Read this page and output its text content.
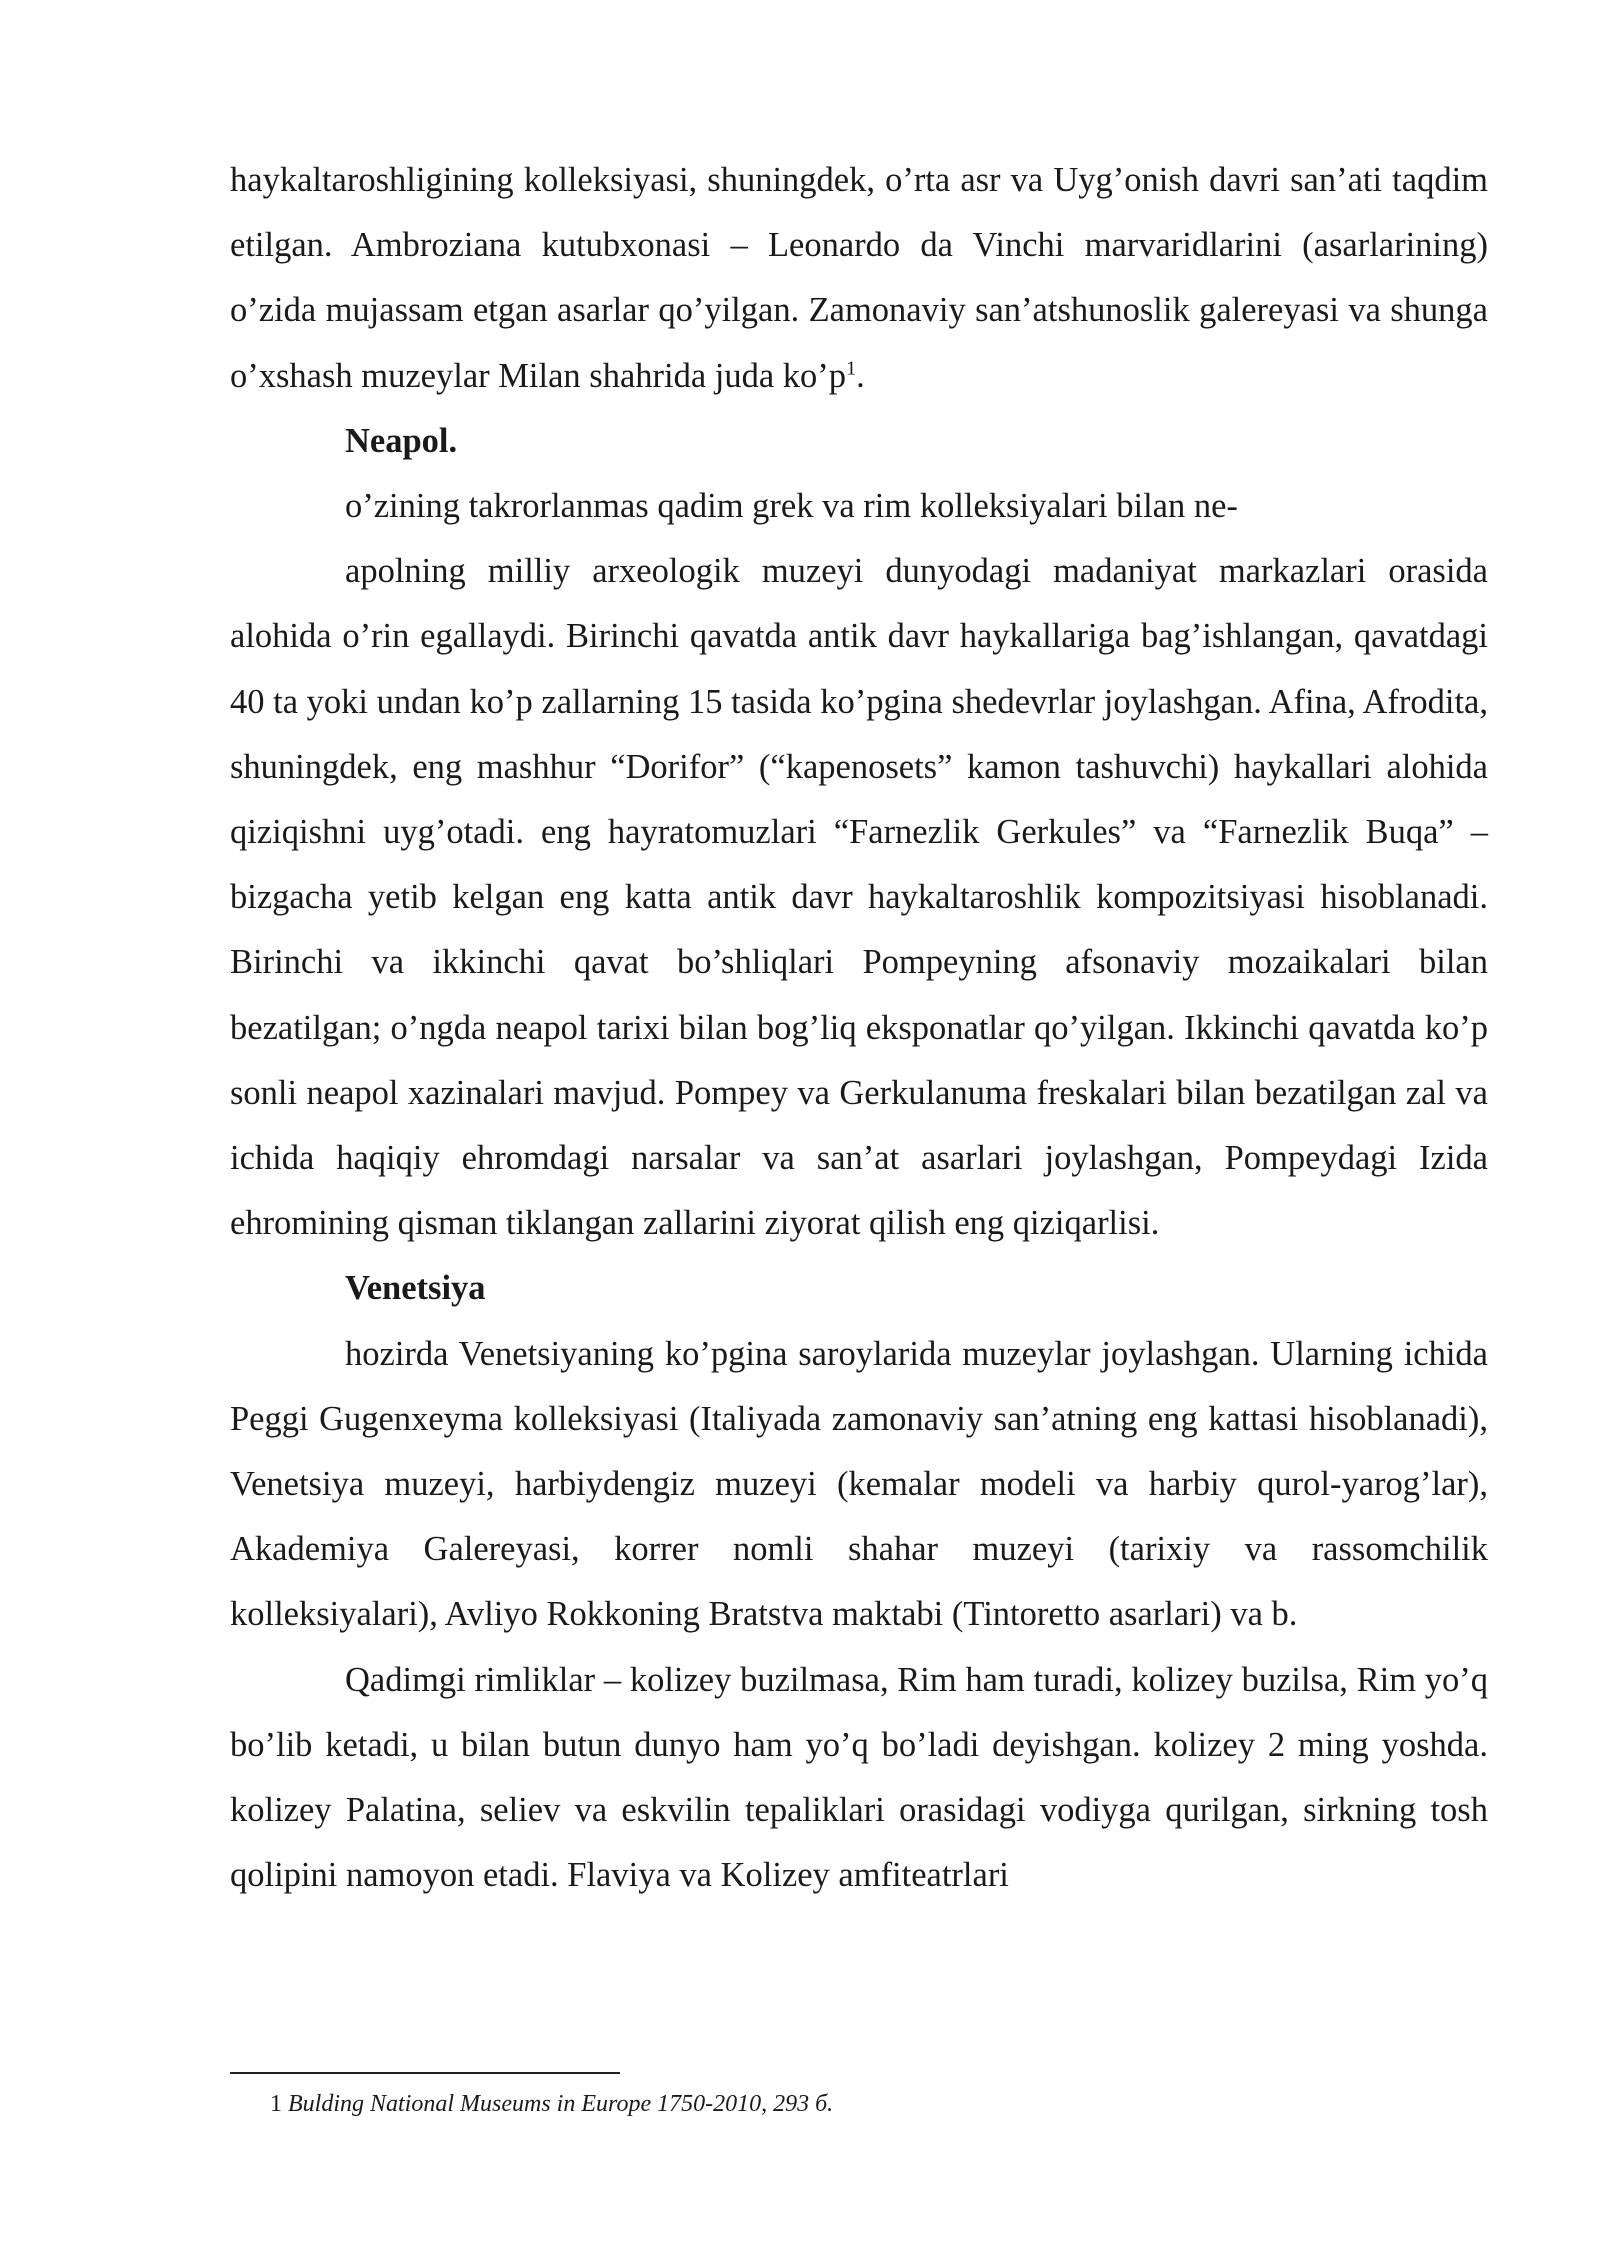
haykaltaroshligining kolleksiyasi, shuningdek, o’rta asr va Uyg’onish davri san’ati taqdim etilgan. Ambroziana kutubxonasi – Leonardo da Vinchi marvaridlarini (asarlarining) o’zida mujassam etgan asarlar qo’yilgan. Zamonaviy san’atshunoslik galereyasi va shunga o’xshash muzeylar Milan shahrida juda $ko’p^1$.

Neapol.

o’zining takrorlanmas qadim grek va rim kolleksiyalari bilan ne-

apolning milliy arxeologik muzeyi dunyodagi madaniyat markazlari orasida alohida o’rin egallaydi. Birinchi qavatda antik davr haykallariga bag’ishlangan, qavatdagi 40 ta yoki undan ko’p zallarning 15 tasida ko’pgina shedevrlar joylashgan. Afina, Afrodita, shuningdek, eng mashhur “Dorifor” (“kapenosets” kamon tashuvchi) haykallari alohida qiziqishni uyg’otadi. eng hayratomuzlari “Farnezlik Gerkules” va “Farnezlik Buqa” – bizgacha yetib kelgan eng katta antik davr haykaltaroshlik kompozitsiyasi hisoblanadi. Birinchi va ikkinchi qavat bo’shliqlari Pompeyning afsonaviy mozaikalari bilan bezatilgan; o’ngda neapol tarixi bilan bog’liq eksponatlar qo’yilgan. Ikkinchi qavatda ko’p sonli neapol xazinalari mavjud. Pompey va Gerkulanuma freskalari bilan bezatilgan zal va ichida haqiqiy ehromdagi narsalar va san’at asarlari joylashgan, Pompeydagi Izida ehromining qisman tiklangan zallarini ziyorat qilish eng qiziqarlisi.

Venetsiya

hozirda Venetsiyaning ko’pgina saroylarida muzeylar joylashgan. Ularning ichida Peggi Gugenxeyma kolleksiyasi (Italiyada zamonaviy san’atning eng kattasi hisoblanadi), Venetsiya muzeyi, harbiydengiz muzeyi (kemalar modeli va harbiy qurol-yarog’lar), Akademiya Galereyasi, korrer nomli shahar muzeyi (tarixiy va rassomchilik kolleksiyalari), Avliyo Rokkoning Bratstva maktabi (Tintoretto asarlari) va b.

Qadimgi rimliklar – kolizey buzilmasa, Rim ham turadi, kolizey buzilsa, Rim yo’q bo’lib ketadi, u bilan butun dunyo ham yo’q bo’ladi deyishgan. kolizey 2 ming yoshda. kolizey Palatina, seliev va eskvilin tepaliklari orasidagi vodiyga qurilgan, sirkning tosh qolipini namoyon etadi. Flaviya va Kolizey amfiteatrlari

1 Bulding National Museums in Europe 1750-2010, 293 б.
